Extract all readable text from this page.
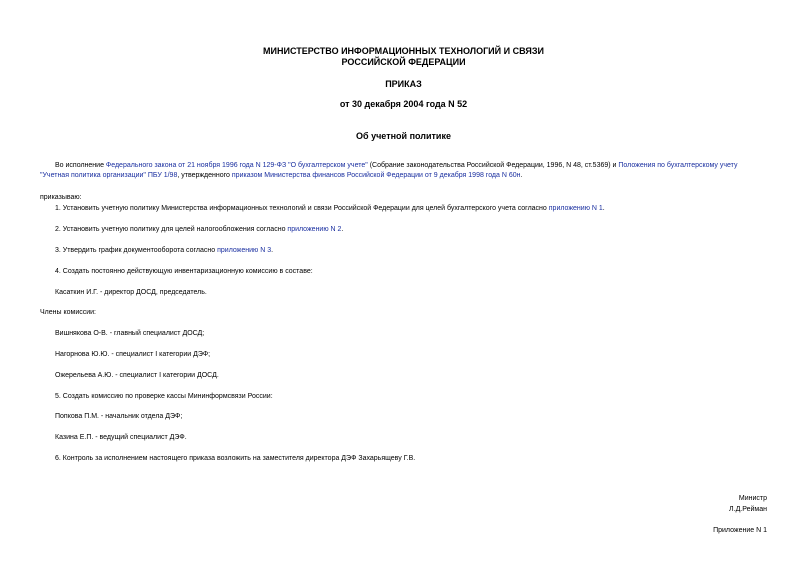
МИНИСТЕРСТВО ИНФОРМАЦИОННЫХ ТЕХНОЛОГИЙ И СВЯЗИ
РОССИЙСКОЙ ФЕДЕРАЦИИ
ПРИКАЗ
от 30 декабря 2004 года N 52
Об учетной политике
Во исполнение Федерального закона от 21 ноября 1996 года N 129-ФЗ "О бухгалтерском учете" (Собрание законодательства Российской Федерации, 1996, N 48, ст.5369) и Положения по бухгалтерскому учету
"Учетная политика организации" ПБУ 1/98, утвержденного приказом Министерства финансов Российской Федерации от 9 декабря 1998 года N 60н.
приказываю:
1. Установить учетную политику Министерства информационных технологий и связи Российской Федерации для целей бухгалтерского учета согласно приложению N 1.
2. Установить учетную политику для целей налогообложения согласно приложению N 2.
3. Утвердить график документооборота согласно приложению N 3.
4. Создать постоянно действующую инвентаризационную комиссию в составе:
Касаткин И.Г. - директор ДОСД, председатель.
Члены комиссии:
Вишнякова О-В. - главный специалист ДОСД;
Нагорнова Ю.Ю. - специалист I категории ДЭФ;
Ожерельева А.Ю. - специалист I категории ДОСД.
5. Создать комиссию по проверке кассы Мининформсвязи России:
Попкова П.М. - начальник отдела ДЭФ;
Казина Е.П. - ведущий специалист ДЭФ.
6. Контроль за исполнением настоящего приказа возложить на заместителя директора ДЭФ Захарьящеву Г.В.
Министр
Л.Д.Рейман
Приложение N 1
